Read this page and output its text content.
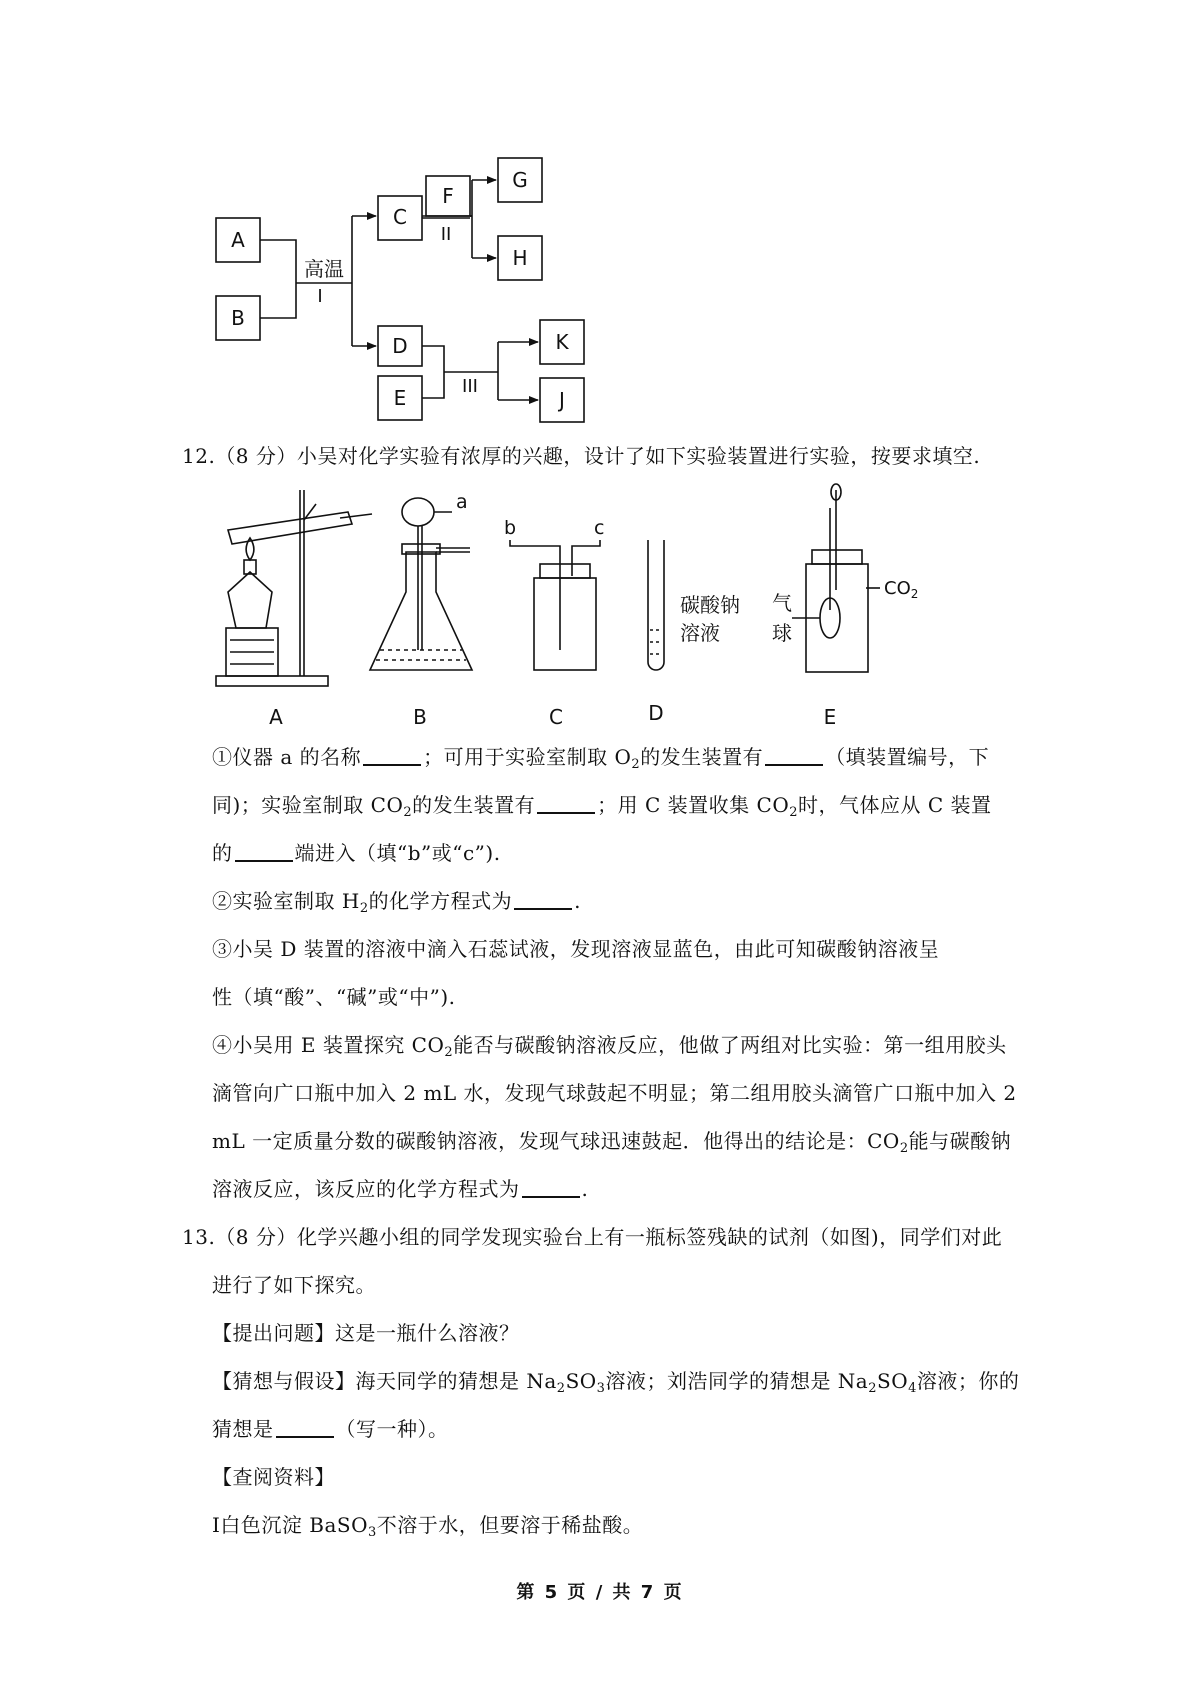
A
B
C
F
G
H
D
E
K
J
高温
I
II
III
12.（8 分）小吴对化学实验有浓厚的兴趣，设计了如下实验装置进行实验，按要求填空.
a
b	c
碳酸钠
溶液
气
球
$CO_2$
A	B	C	D	E
①仪器 a 的名称	；可用于实验室制取 $O_2$的发生装置有	（填装置编号，下
同)；实验室制取 $CO_2$的发生装置有	；用 C 装置收集 $CO_2$时，气体应从 C 装置
的	端进入（填“b”或“c”).
②实验室制取 $H_2$的化学方程式为	.
③小吴 D 装置的溶液中滴入石蕊试液，发现溶液显蓝色，由此可知碳酸钠溶液呈
性（填“酸”、“碱”或“中”).
④小吴用 E 装置探究 $CO_2$能否与碳酸钠溶液反应，他做了两组对比实验：第一组用胶头
滴管向广口瓶中加入 2 mL 水，发现气球鼓起不明显；第二组用胶头滴管广口瓶中加入 2
mL 一定质量分数的碳酸钠溶液，发现气球迅速鼓起．他得出的结论是：$CO_2$能与碳酸钠
溶液反应，该反应的化学方程式为	.
13.（8 分）化学兴趣小组的同学发现实验台上有一瓶标签残缺的试剂（如图)，同学们对此
进行了如下探究。
【提出问题】这是一瓶什么溶液？
【猜想与假设】海天同学的猜想是 $Na_2SO_3$溶液；刘浩同学的猜想是 $Na_2SO_4$溶液；你的
猜想是	（写一种）。
【查阅资料】
Ⅰ白色沉淀 BaSO$_3$不溶于水，但要溶于稀盐酸。
第 5 页 / 共 7 页
